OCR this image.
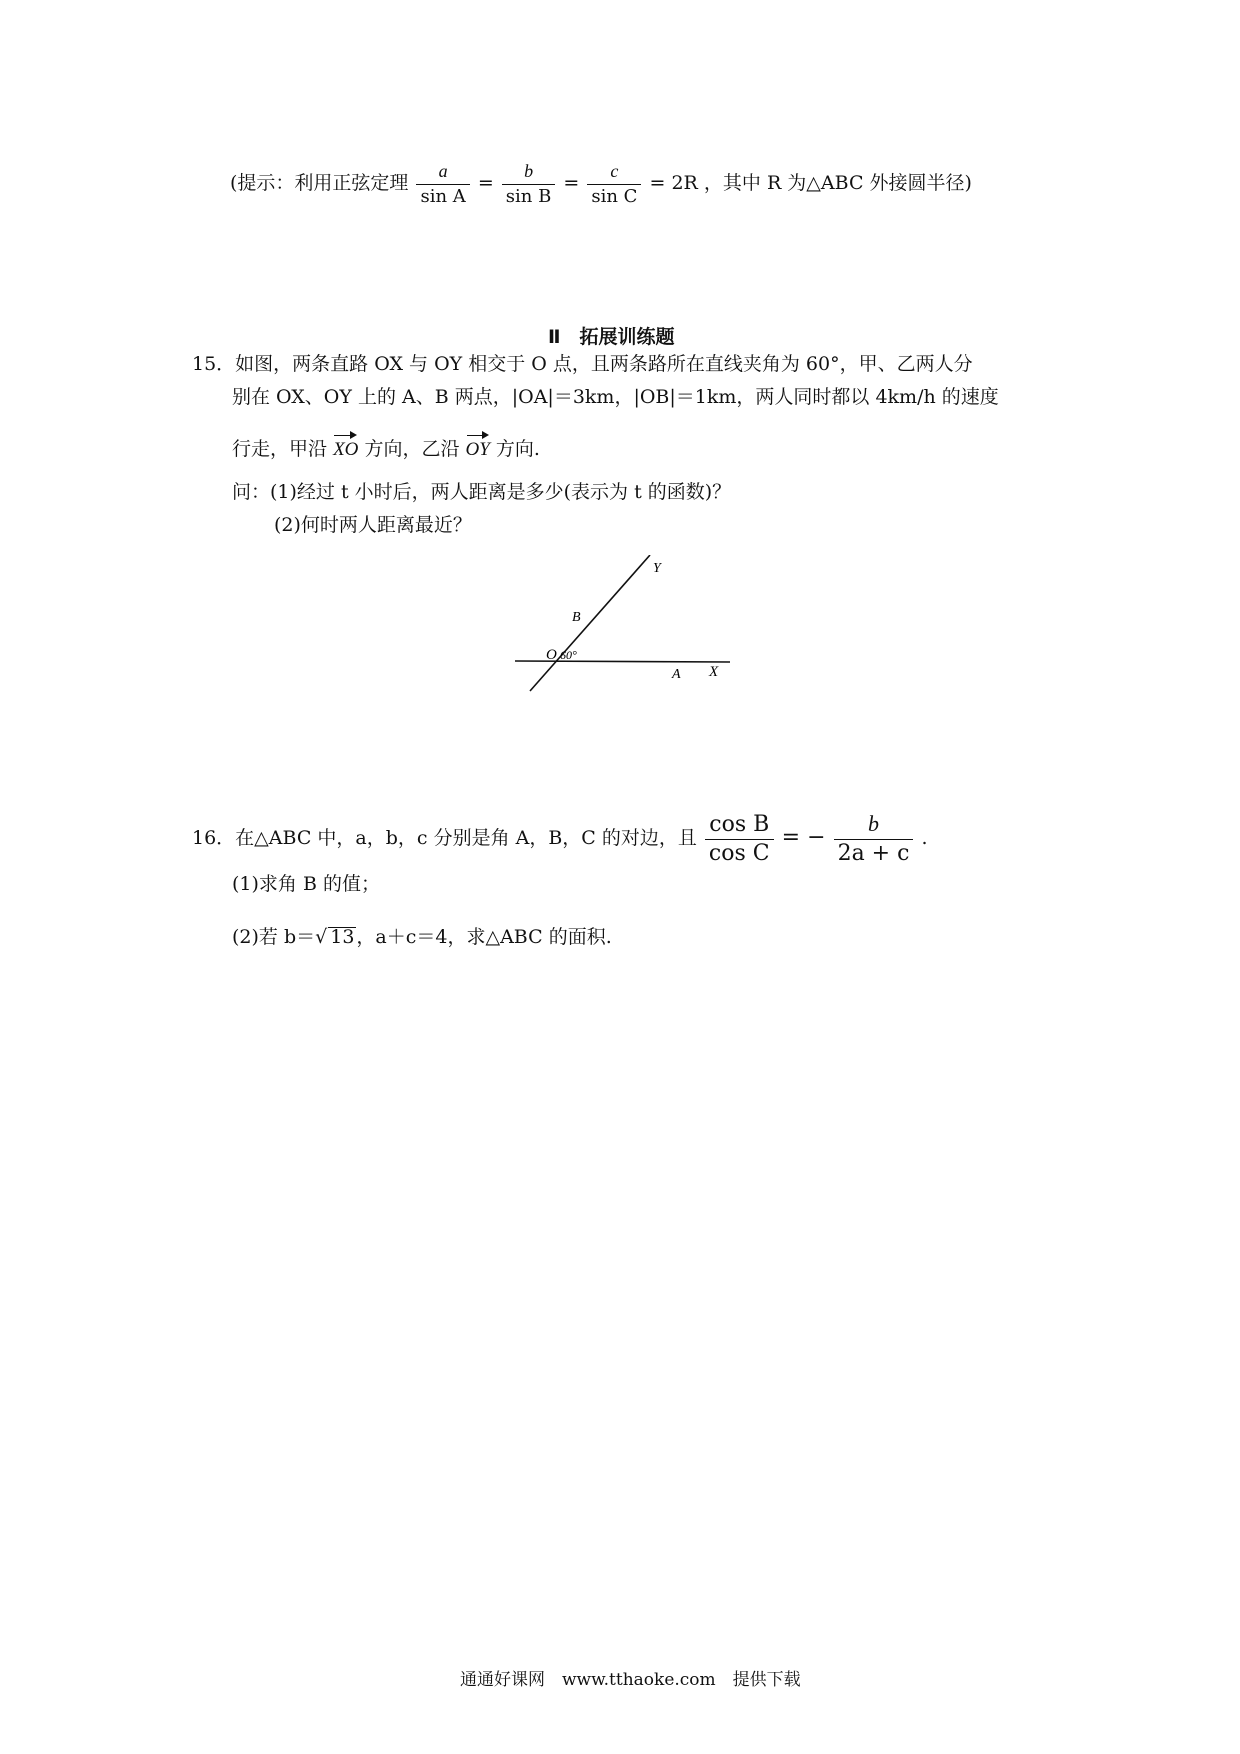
(提示：利用正弦定理 $\frac{a}{\text{sin A}} = \frac{b}{\text{sin B}} = \frac{c}{\text{sin C}} = 2R$ ，其中 R 为△ABC 外接圆半径)
Ⅱ　拓展训练题
15．如图，两条直路 OX 与 OY 相交于 O 点，且两条路所在直线夹角为 60°，甲、乙两人分
别在 OX、OY 上的 A、B 两点，|OA|＝3km，|OB|＝1km，两人同时都以 4km/h 的速度
行走，甲沿 XO 方向，乙沿 OY 方向.
问：(1)经过 t 小时后，两人距离是多少(表示为 t 的函数)？
(2)何时两人距离最近？
Y
B
O 60°
A X
16．在△ABC 中，a，b，c 分别是角 A，B，C 的对边，且 $\frac{\text{cos B}}{\text{cos C}}$ = − $\frac{b}{2a + c}$ .
(1)求角 B 的值；
(2)若 b＝√ 13 ，a＋c＝4，求△ABC 的面积.
通通好课网　www.tthaoke.com　提供下载
